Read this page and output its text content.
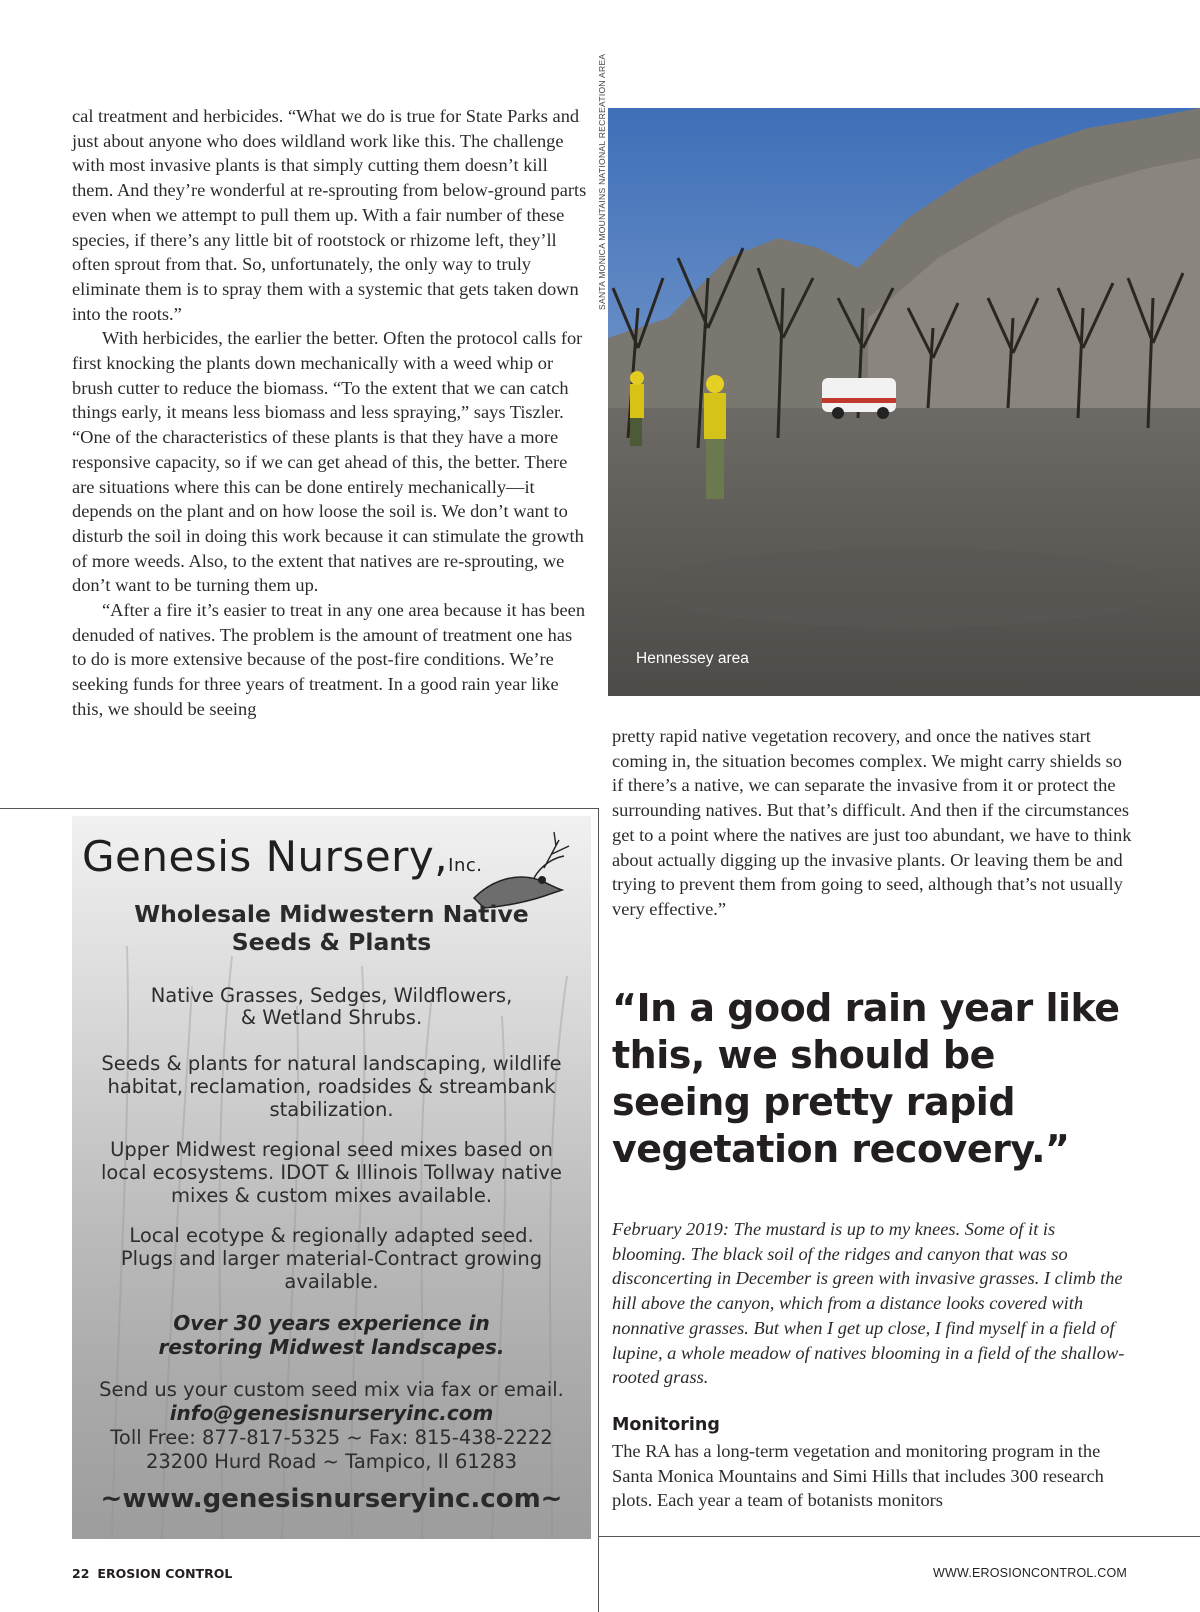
cal treatment and herbicides. “What we do is true for State Parks and just about anyone who does wildland work like this. The challenge with most invasive plants is that simply cutting them doesn’t kill them. And they’re wonderful at re-sprouting from below-ground parts even when we attempt to pull them up. With a fair number of these species, if there’s any little bit of rootstock or rhizome left, they’ll often sprout from that. So, unfortunately, the only way to truly eliminate them is to spray them with a systemic that gets taken down into the roots.”

With herbicides, the earlier the better. Often the protocol calls for first knocking the plants down mechanically with a weed whip or brush cutter to reduce the biomass. “To the extent that we can catch things early, it means less biomass and less spraying,” says Tiszler. “One of the characteristics of these plants is that they have a more responsive capacity, so if we can get ahead of this, the better. There are situations where this can be done entirely mechanically—it depends on the plant and on how loose the soil is. We don’t want to disturb the soil in doing this work because it can stimulate the growth of more weeds. Also, to the extent that natives are re-sprouting, we don’t want to be turning them up.

“After a fire it’s easier to treat in any one area because it has been denuded of natives. The problem is the amount of treatment one has to do is more extensive because of the post-fire conditions. We’re seeking funds for three years of treatment. In a good rain year like this, we should be seeing

SANTA MONICA MOUNTAINS NATIONAL RECREATION AREA
Hennessey area

pretty rapid native vegetation recovery, and once the natives start coming in, the situation becomes complex. We might carry shields so if there’s a native, we can separate the invasive from it or protect the surrounding natives. But that’s difficult. And then if the circumstances get to a point where the natives are just too abundant, we have to think about actually digging up the invasive plants. Or leaving them be and trying to prevent them from going to seed, although that’s not usually very effective.”

“In a good rain year like this, we should be seeing pretty rapid vegetation recovery.”

February 2019: The mustard is up to my knees. Some of it is blooming. The black soil of the ridges and canyon that was so disconcerting in December is green with invasive grasses. I climb the hill above the canyon, which from a distance looks covered with nonnative grasses. But when I get up close, I find myself in a field of lupine, a whole meadow of natives blooming in a field of the shallow-rooted grass.

Monitoring

The RA has a long-term vegetation and monitoring program in the Santa Monica Mountains and Simi Hills that includes 300 research plots. Each year a team of botanists monitors

Genesis Nursery,Inc.
Wholesale Midwestern Native
Seeds & Plants
Native Grasses, Sedges, Wildflowers,
& Wetland Shrubs.
Seeds & plants for natural landscaping, wildlife
habitat, reclamation, roadsides & streambank
stabilization.
Upper Midwest regional seed mixes based on
local ecosystems. IDOT & Illinois Tollway native
mixes & custom mixes available.
Local ecotype & regionally adapted seed.
Plugs and larger material-Contract growing
available.
Over 30 years experience in
restoring Midwest landscapes.
Send us your custom seed mix via fax or email.
info@genesisnurseryinc.com
Toll Free: 877-817-5325 ~ Fax: 815-438-2222
23200 Hurd Road ~ Tampico, Il 61283
~www.genesisnurseryinc.com~
22 EROSION CONTROL	WWW.EROSIONCONTROL.COM
